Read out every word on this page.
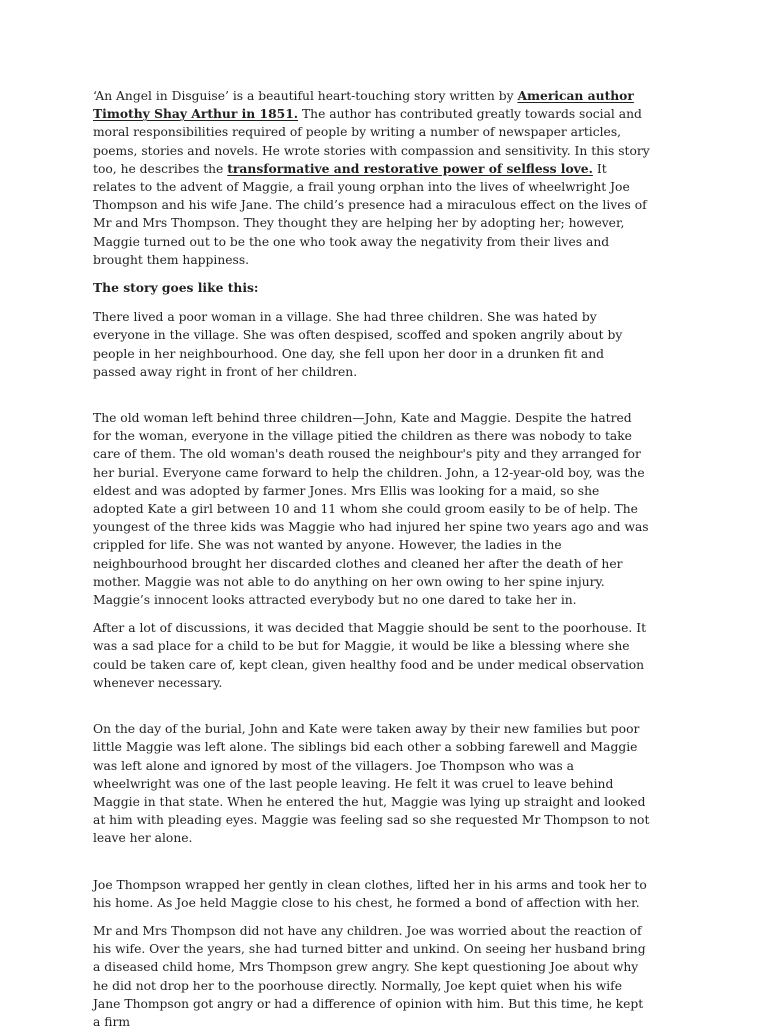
‘An Angel in Disguise’ is a beautiful heart-touching story written by American author Timothy Shay Arthur in 1851. The author has contributed greatly towards social and moral responsibilities required of people by writing a number of newspaper articles, poems, stories and novels. He wrote stories with compassion and sensitivity. In this story too, he describes the transformative and restorative power of selfless love. It relates to the advent of Maggie, a frail young orphan into the lives of wheelwright Joe Thompson and his wife Jane. The child’s presence had a miraculous effect on the lives of Mr and Mrs Thompson. They thought they are helping her by adopting her; however, Maggie turned out to be the one who took away the negativity from their lives and brought them happiness.

The story goes like this:

There lived a poor woman in a village. She had three children. She was hated by everyone in the village. She was often despised, scoffed and spoken angrily about by people in her neighbourhood. One day, she fell upon her door in a drunken fit and passed away right in front of her children.

The old woman left behind three children—John, Kate and Maggie. Despite the hatred for the woman, everyone in the village pitied the children as there was nobody to take care of them. The old woman's death roused the neighbour's pity and they arranged for her burial. Everyone came forward to help the children. John, a 12-year-old boy, was the eldest and was adopted by farmer Jones. Mrs Ellis was looking for a maid, so she adopted Kate a girl between 10 and 11 whom she could groom easily to be of help. The youngest of the three kids was Maggie who had injured her spine two years ago and was crippled for life. She was not wanted by anyone. However, the ladies in the neighbourhood brought her discarded clothes and cleaned her after the death of her mother. Maggie was not able to do anything on her own owing to her spine injury. Maggie’s innocent looks attracted everybody but no one dared to take her in.

After a lot of discussions, it was decided that Maggie should be sent to the poorhouse. It was a sad place for a child to be but for Maggie, it would be like a blessing where she could be taken care of, kept clean, given healthy food and be under medical observation whenever necessary.

On the day of the burial, John and Kate were taken away by their new families but poor little Maggie was left alone. The siblings bid each other a sobbing farewell and Maggie was left alone and ignored by most of the villagers. Joe Thompson who was a wheelwright was one of the last people leaving. He felt it was cruel to leave behind Maggie in that state. When he entered the hut, Maggie was lying up straight and looked at him with pleading eyes. Maggie was feeling sad so she requested Mr Thompson to not leave her alone.

Joe Thompson wrapped her gently in clean clothes, lifted her in his arms and took her to his home. As Joe held Maggie close to his chest, he formed a bond of affection with her.

Mr and Mrs Thompson did not have any children. Joe was worried about the reaction of his wife. Over the years, she had turned bitter and unkind. On seeing her husband bring a diseased child home, Mrs Thompson grew angry. She kept questioning Joe about why he did not drop her to the poorhouse directly. Normally, Joe kept quiet when his wife Jane Thompson got angry or had a difference of opinion with him. But this time, he kept a firm
